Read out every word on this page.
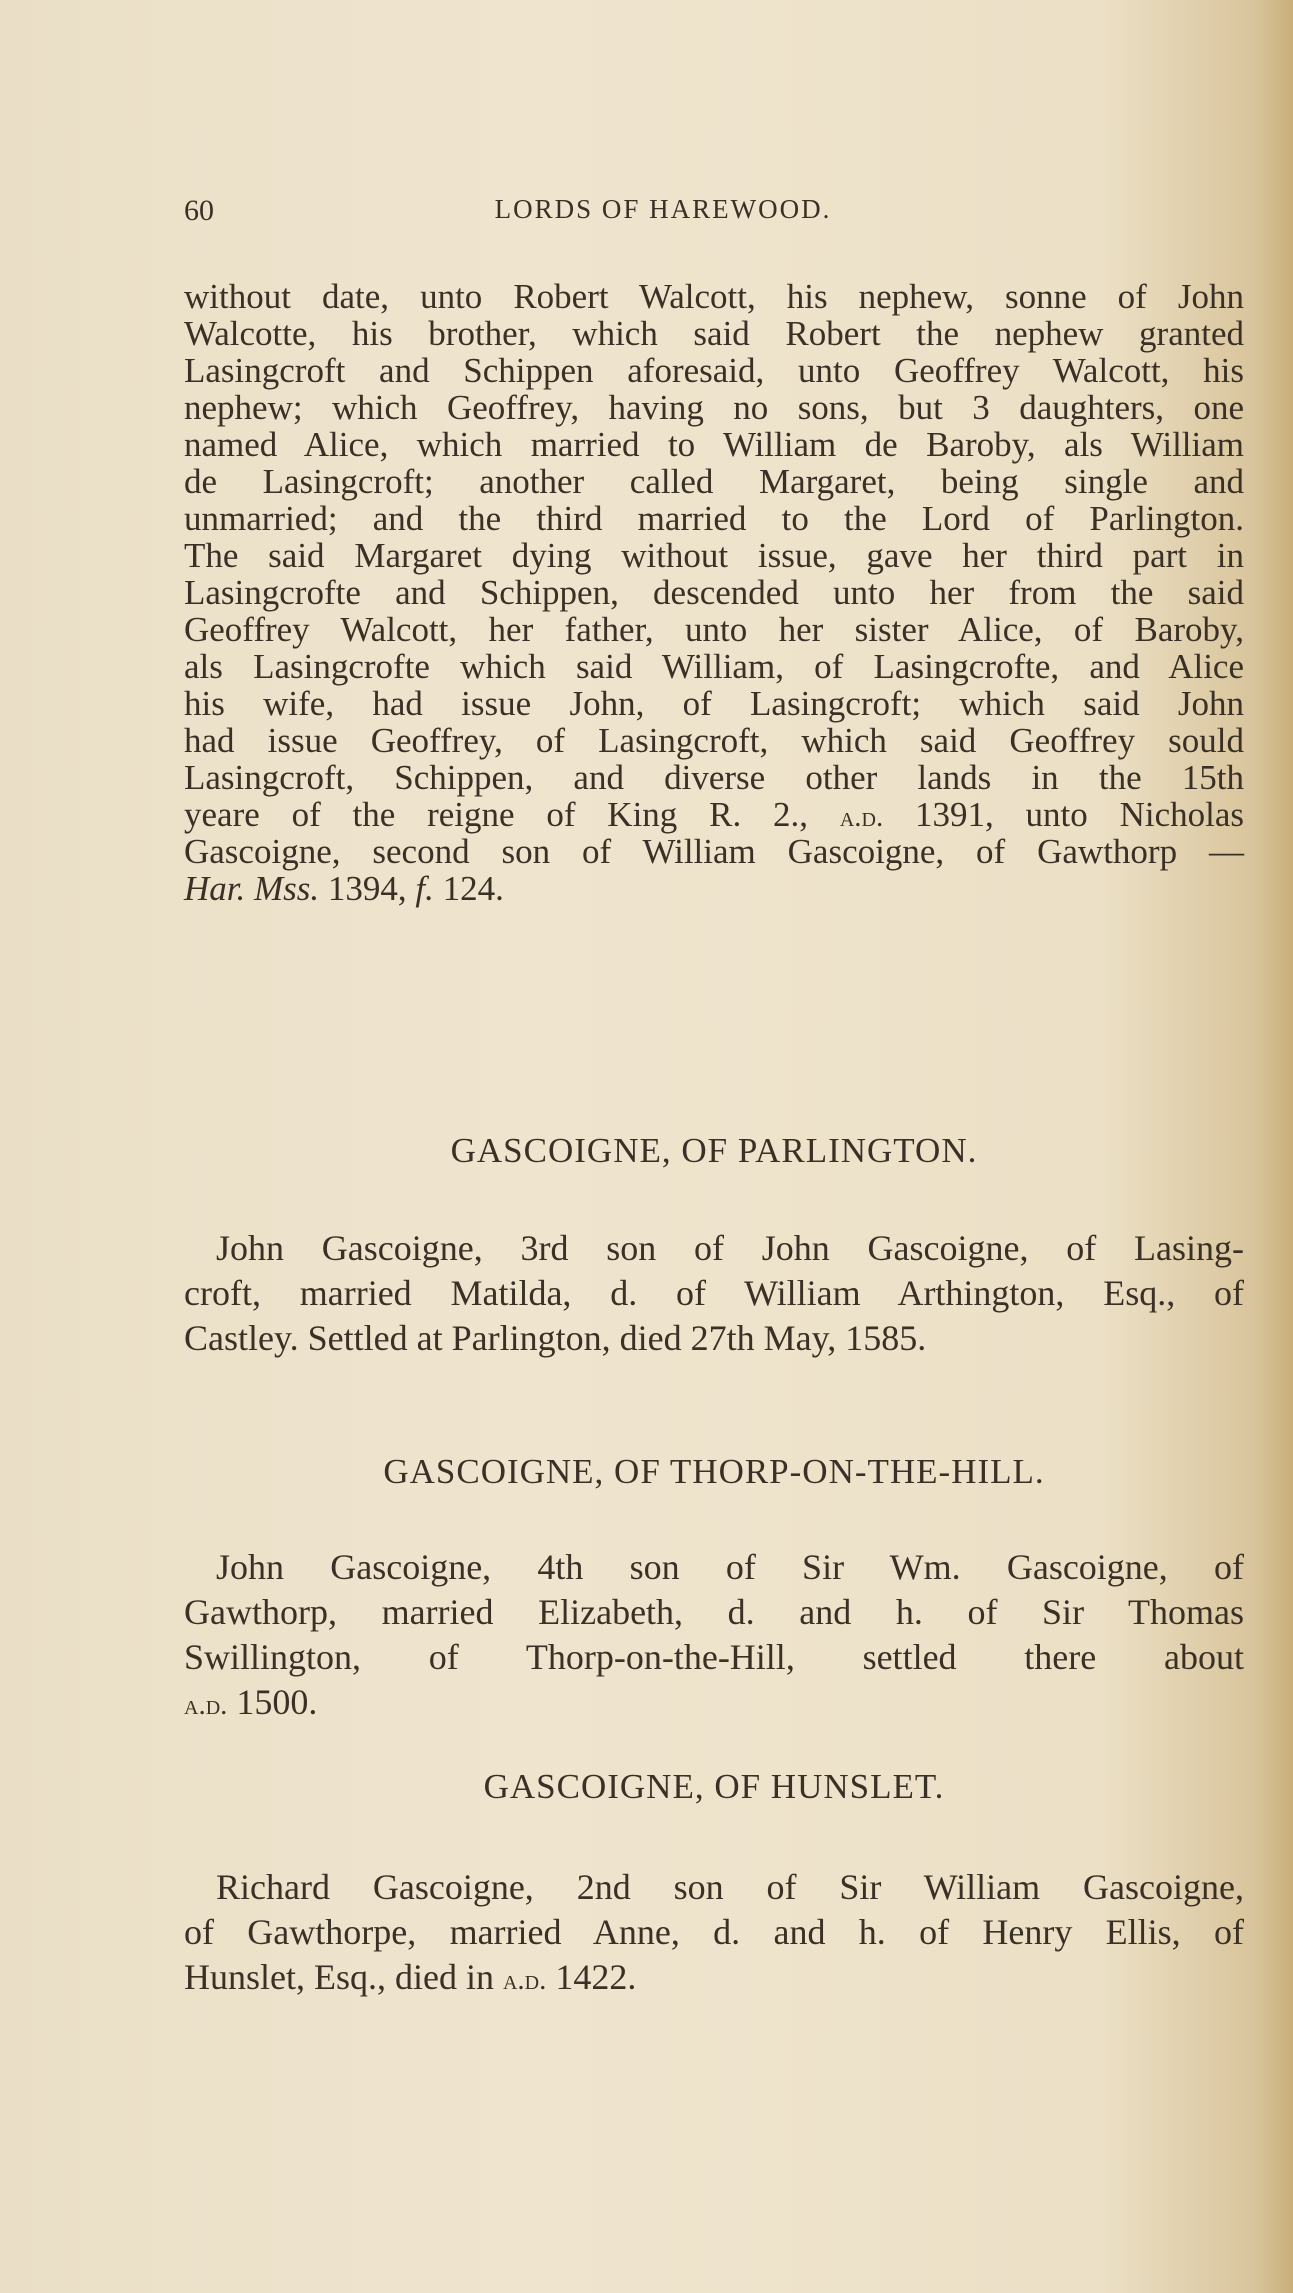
60	LORDS OF HAREWOOD.
without date, unto Robert Walcott, his nephew, sonne of John
Walcotte, his brother, which said Robert the nephew granted
Lasingcroft and Schippen aforesaid, unto Geoffrey Walcott, his
nephew; which Geoffrey, having no sons, but 3 daughters, one
named Alice, which married to William de Baroby, als William
de Lasingcroft; another called Margaret, being single and
unmarried; and the third married to the Lord of Parlington.
The said Margaret dying without issue, gave her third part in
Lasingcrofte and Schippen, descended unto her from the said
Geoffrey Walcott, her father, unto her sister Alice, of Baroby,
als Lasingcrofte which said William, of Lasingcrofte, and Alice
his wife, had issue John, of Lasingcroft; which said John
had issue Geoffrey, of Lasingcroft, which said Geoffrey sould
Lasingcroft, Schippen, and diverse other lands in the 15th
yeare of the reigne of King R. 2., a.d. 1391, unto Nicholas
Gascoigne, second son of William Gascoigne, of Gawthorp —
Har. Mss. 1394, f. 124.
GASCOIGNE, OF PARLINGTON.
John Gascoigne, 3rd son of John Gascoigne, of Lasing-
croft, married Matilda, d. of William Arthington, Esq., of
Castley. Settled at Parlington, died 27th May, 1585.
GASCOIGNE, OF THORP-ON-THE-HILL.
John Gascoigne, 4th son of Sir Wm. Gascoigne, of
Gawthorp, married Elizabeth, d. and h. of Sir Thomas
Swillington, of Thorp-on-the-Hill, settled there about
a.d. 1500.
GASCOIGNE, OF HUNSLET.
Richard Gascoigne, 2nd son of Sir William Gascoigne,
of Gawthorpe, married Anne, d. and h. of Henry Ellis, of
Hunslet, Esq., died in a.d. 1422.
